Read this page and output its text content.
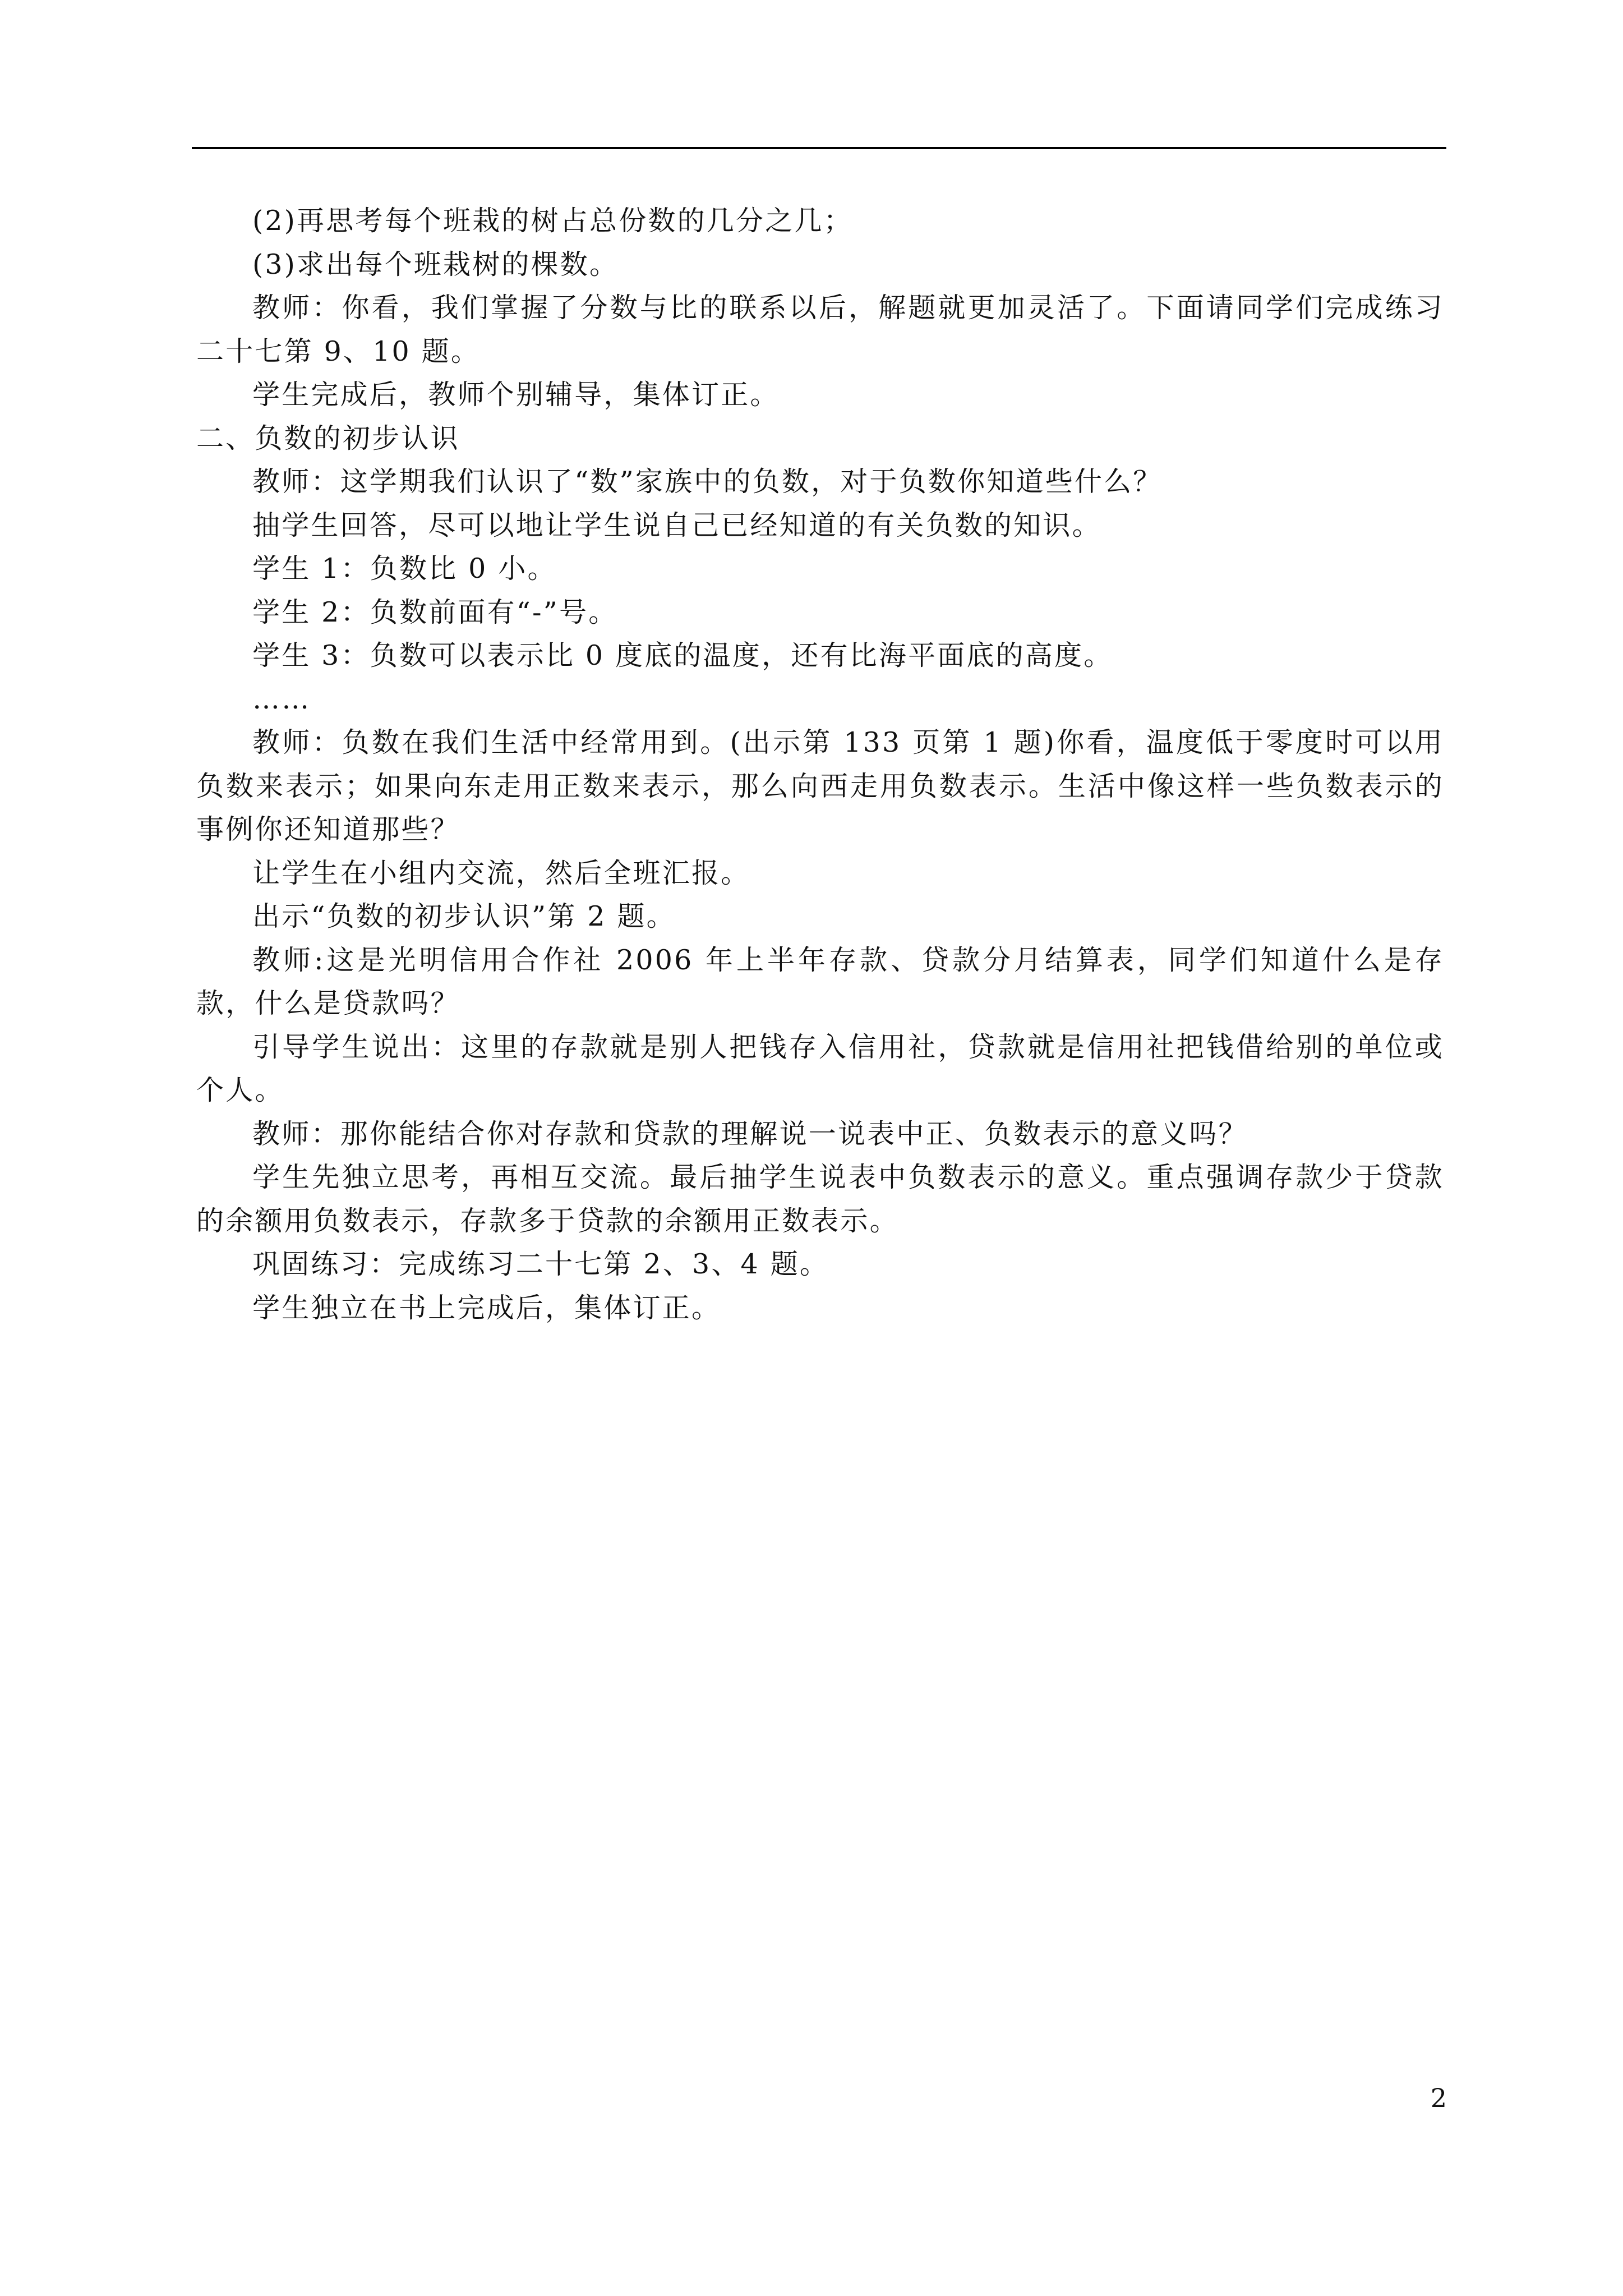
(2)再思考每个班栽的树占总份数的几分之几；

(3)求出每个班栽树的棵数。

教师：你看，我们掌握了分数与比的联系以后，解题就更加灵活了。下面请同学们完成练习二十七第 9、10 题。

学生完成后，教师个别辅导，集体订正。

二、负数的初步认识

教师：这学期我们认识了“数”家族中的负数，对于负数你知道些什么？

抽学生回答，尽可以地让学生说自己已经知道的有关负数的知识。

学生 1：负数比 0 小。

学生 2：负数前面有“-”号。

学生 3：负数可以表示比 0 度底的温度，还有比海平面底的高度。

……

教师：负数在我们生活中经常用到。(出示第 133 页第 1 题)你看，温度低于零度时可以用负数来表示；如果向东走用正数来表示，那么向西走用负数表示。生活中像这样一些负数表示的事例你还知道那些？

让学生在小组内交流，然后全班汇报。

出示“负数的初步认识”第 2 题。

教师:这是光明信用合作社 2006 年上半年存款、贷款分月结算表，同学们知道什么是存款，什么是贷款吗？

引导学生说出：这里的存款就是别人把钱存入信用社，贷款就是信用社把钱借给别的单位或个人。

教师：那你能结合你对存款和贷款的理解说一说表中正、负数表示的意义吗？

学生先独立思考，再相互交流。最后抽学生说表中负数表示的意义。重点强调存款少于贷款的余额用负数表示，存款多于贷款的余额用正数表示。

巩固练习：完成练习二十七第 2、3、4 题。

学生独立在书上完成后，集体订正。

2
